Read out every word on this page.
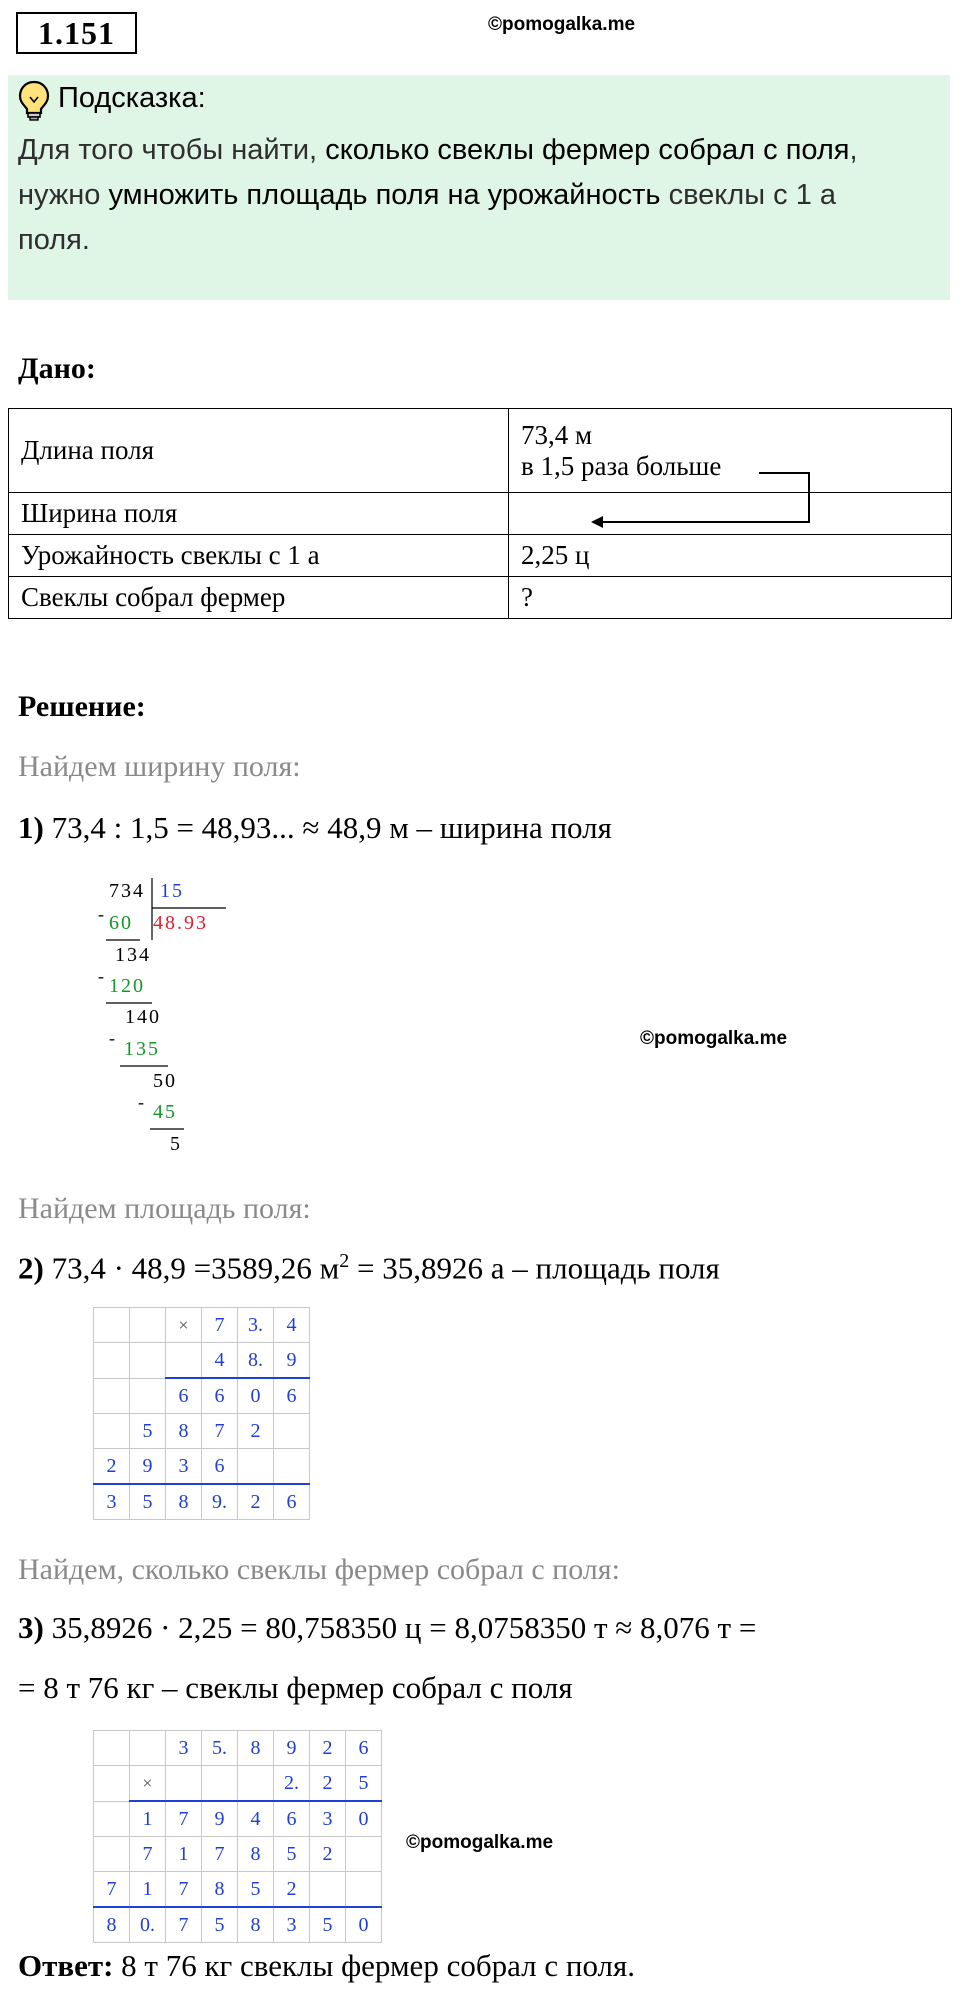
1.151	©pomogalka.me
Подсказка:
Для того чтобы найти, сколько свеклы фермер собрал с поля,
нужно умножить площадь поля на урожайность свеклы с 1 а
поля.
Дано:
Длина поля	73,4 м
в 1,5 раза больше

Ширина поля	
Урожайность свеклы с 1 а	2,25 ц
Свеклы собрал фермер	?
Решение:
Найдем ширину поля:
1) 73,4 : 1,5 = 48,93... ≈ 48,9 м – ширина поля
734 15
48.93
- 60
134
- 120
140
- 135
50
- 45
5
©pomogalka.me
Найдем площадь поля:
2) 73,4 · 48,9 =3589,26 $м^2 = 35,8926$ а – площадь поля
		×	7	3.	4
			4	8.	9
		6	6	0	6
	5	8	7	2	
2	9	3	6		
3	5	8	9.	2	6
Найдем, сколько свеклы фермер собрал с поля:
3) 35,8926 · 2,25 = 80,758350 ц = 8,0758350 т ≈ 8,076 т =
= 8 т 76 кг – свеклы фермер собрал с поля
		3	5.	8	9	2	6
	×				2.	2	5
	1	7	9	4	6	3	0
	7	1	7	8	5	2	
7	1	7	8	5	2		
8	0.	7	5	8	3	5	0
©pomogalka.me
Ответ: 8 т 76 кг свеклы фермер собрал с поля.
